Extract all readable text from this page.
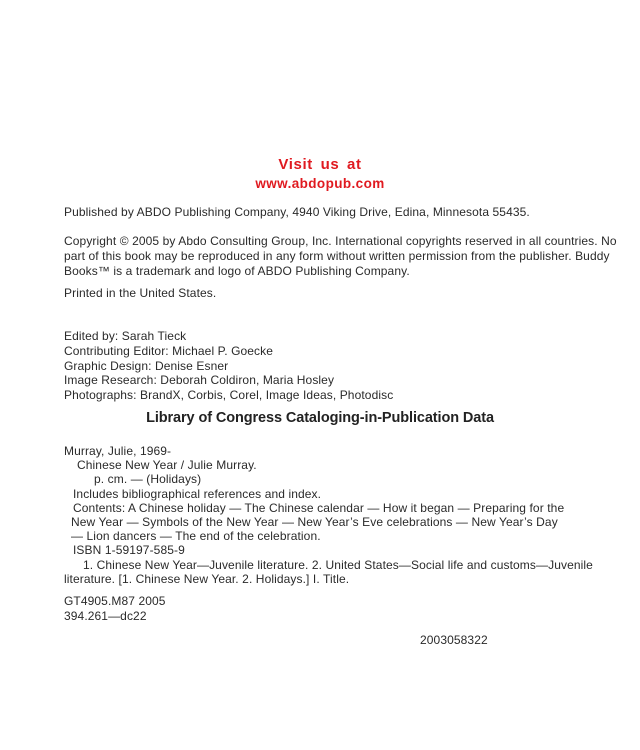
Visit us at
www.abdopub.com
Published by ABDO Publishing Company, 4940 Viking Drive, Edina, Minnesota 55435.
Copyright © 2005 by Abdo Consulting Group, Inc. International copyrights reserved in all countries. No
part of this book may be reproduced in any form without written permission from the publisher. Buddy
Books™ is a trademark and logo of ABDO Publishing Company.
Printed in the United States.
Edited by: Sarah Tieck
Contributing Editor: Michael P. Goecke
Graphic Design: Denise Esner
Image Research: Deborah Coldiron, Maria Hosley
Photographs: BrandX, Corbis, Corel, Image Ideas, Photodisc
Library of Congress Cataloging-in-Publication Data
Murray, Julie, 1969-
Chinese New Year / Julie Murray.
p. cm. — (Holidays)
Includes bibliographical references and index.
Contents: A Chinese holiday — The Chinese calendar — How it began — Preparing for the
New Year — Symbols of the New Year — New Year’s Eve celebrations — New Year’s Day
— Lion dancers — The end of the celebration.
ISBN 1-59197-585-9
1. Chinese New Year—Juvenile literature. 2. United States—Social life and customs—Juvenile
literature. [1. Chinese New Year. 2. Holidays.] I. Title.
GT4905.M87 2005
394.261—dc22
2003058322
